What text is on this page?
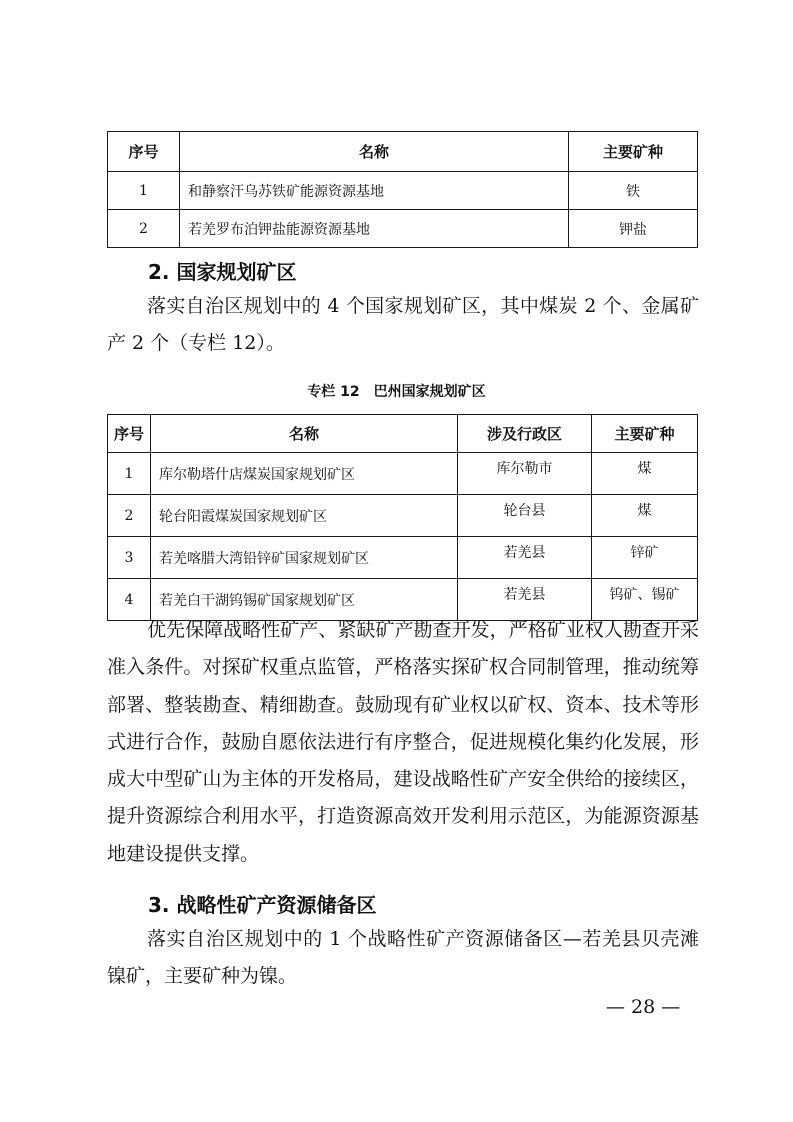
序号	名称	主要矿种
1	和静察汗乌苏铁矿能源资源基地	铁
2	若羌罗布泊钾盐能源资源基地	钾盐
2. 国家规划矿区

落实自治区规划中的 4 个国家规划矿区，其中煤炭 2 个、金属矿产 2 个（专栏 12）。

专栏 12　巴州国家规划矿区
序号	名称	涉及行政区	主要矿种
1	库尔勒塔什店煤炭国家规划矿区	库尔勒市	煤
2	轮台阳霞煤炭国家规划矿区	轮台县	煤
3	若羌喀腊大湾铅锌矿国家规划矿区	若羌县	锌矿
4	若羌白干湖钨锡矿国家规划矿区	若羌县	钨矿、锡矿

优先保障战略性矿产、紧缺矿产勘查开发，严格矿业权人勘查开采准入条件。对探矿权重点监管，严格落实探矿权合同制管理，推动统筹部署、整装勘查、精细勘查。鼓励现有矿业权以矿权、资本、技术等形式进行合作，鼓励自愿依法进行有序整合，促进规模化集约化发展，形成大中型矿山为主体的开发格局，建设战略性矿产安全供给的接续区，提升资源综合利用水平，打造资源高效开发利用示范区，为能源资源基地建设提供支撑。

3. 战略性矿产资源储备区

落实自治区规划中的 1 个战略性矿产资源储备区—若羌县贝壳滩镍矿，主要矿种为镍。

— 28 —
